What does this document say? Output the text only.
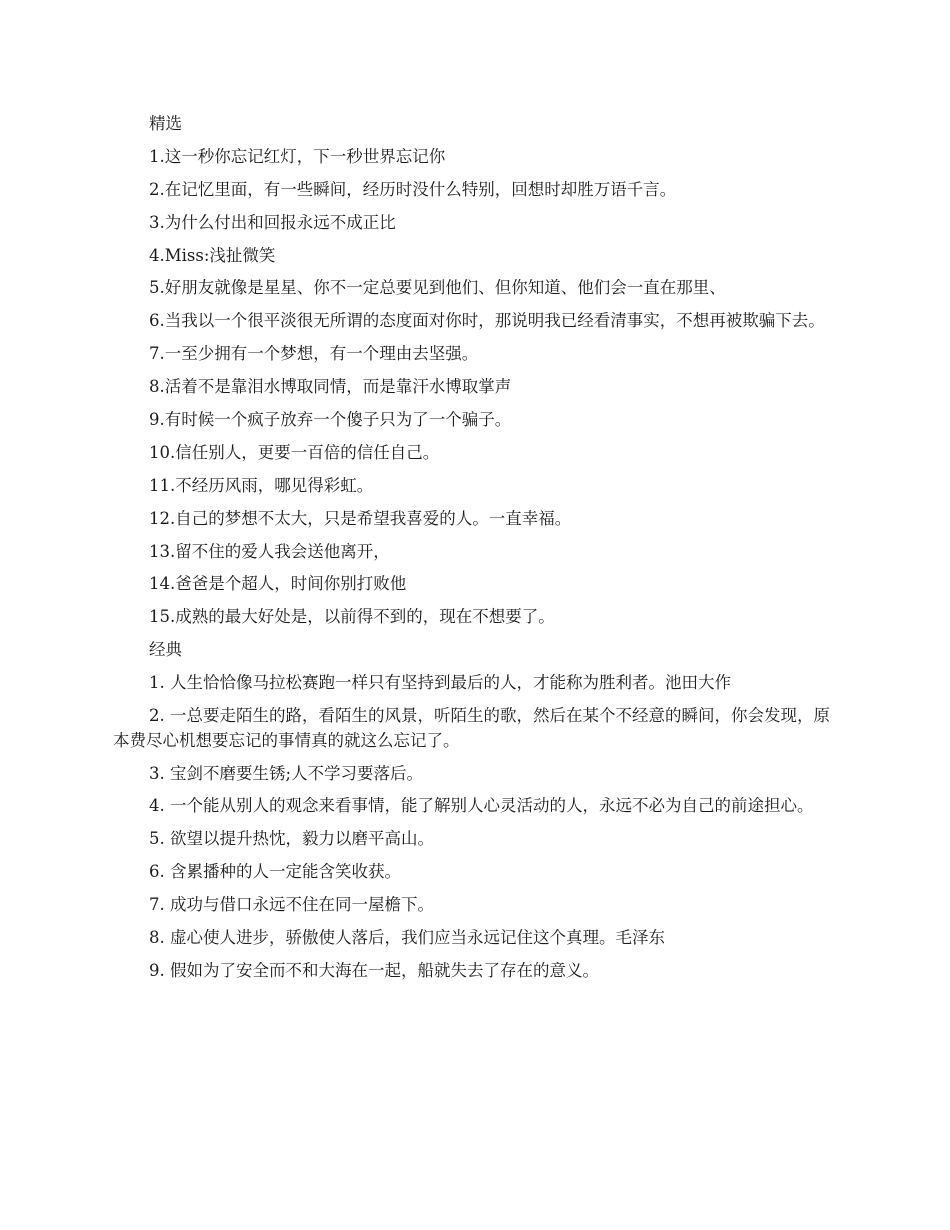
精选

1.这一秒你忘记红灯，下一秒世界忘记你

2.在记忆里面，有一些瞬间，经历时没什么特别，回想时却胜万语千言。

3.为什么付出和回报永远不成正比

4.Miss:浅扯微笑

5.好朋友就像是星星、你不一定总要见到他们、但你知道、他们会一直在那里、

6.当我以一个很平淡很无所谓的态度面对你时，那说明我已经看清事实，不想再被欺骗下去。

7.一至少拥有一个梦想，有一个理由去坚强。

8.活着不是靠泪水博取同情，而是靠汗水博取掌声

9.有时候一个疯子放弃一个傻子只为了一个骗子。

10.信任别人，更要一百倍的信任自己。

11.不经历风雨，哪见得彩虹。

12.自己的梦想不太大，只是希望我喜爱的人。一直幸福。

13.留不住的爱人我会送他离开，

14.爸爸是个超人，时间你别打败他

15.成熟的最大好处是，以前得不到的，现在不想要了。

经典

1. 人生恰恰像马拉松赛跑一样只有坚持到最后的人，才能称为胜利者。池田大作

2. 一总要走陌生的路，看陌生的风景，听陌生的歌，然后在某个不经意的瞬间，你会发现，原本费尽心机想要忘记的事情真的就这么忘记了。

3. 宝剑不磨要生锈;人不学习要落后。

4. 一个能从别人的观念来看事情，能了解别人心灵活动的人，永远不必为自己的前途担心。

5. 欲望以提升热忱，毅力以磨平高山。

6. 含累播种的人一定能含笑收获。

7. 成功与借口永远不住在同一屋檐下。

8. 虚心使人进步，骄傲使人落后，我们应当永远记住这个真理。毛泽东

9. 假如为了安全而不和大海在一起，船就失去了存在的意义。
